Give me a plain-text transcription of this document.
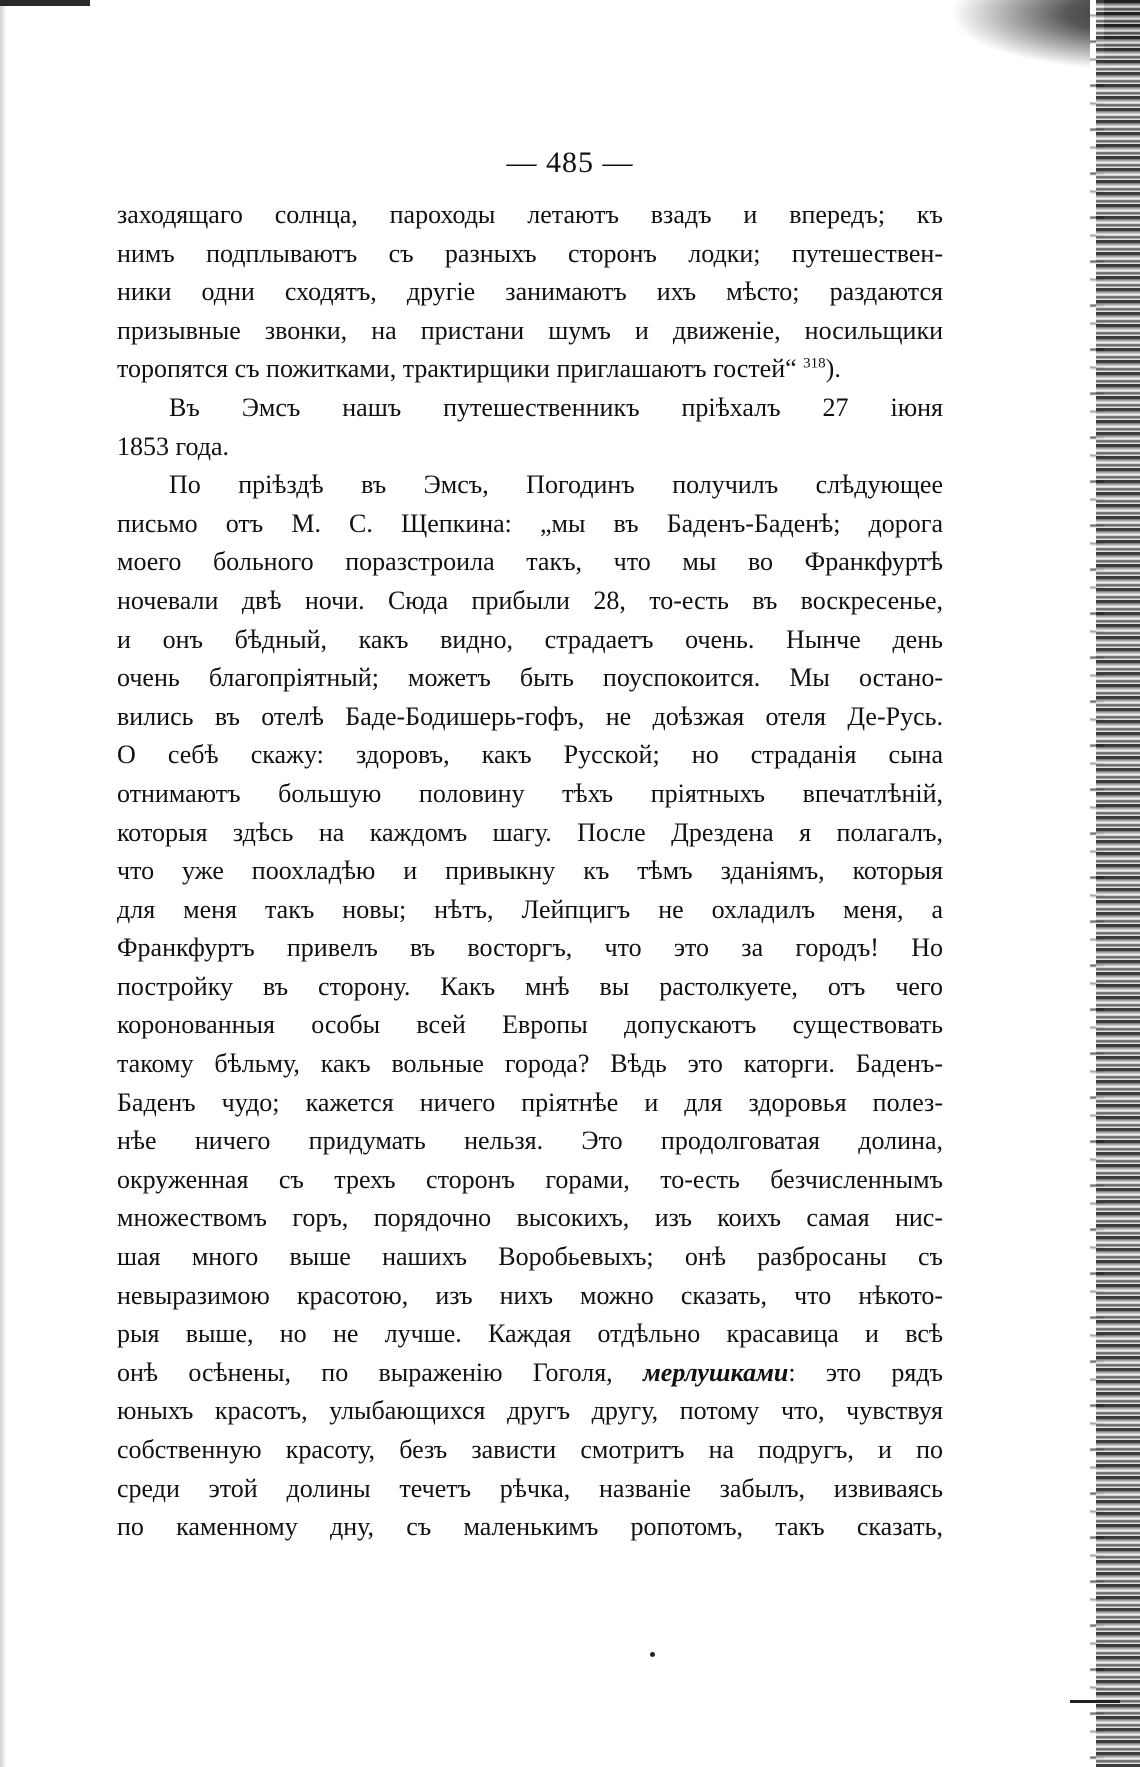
— 485 —
заходящаго солнца, пароходы летаютъ взадъ и впередъ; къ
нимъ подплываютъ съ разныхъ сторонъ лодки; путешествен-
ники одни сходятъ, другіе занимаютъ ихъ мѣсто; раздаются
призывные звонки, на пристани шумъ и движеніе, носильщики
торопятся съ пожитками, трактирщики приглашаютъ гостей“ $^{318}$).
Въ Эмсъ нашъ путешественникъ пріѣхалъ 27 іюня
1853 года.
По пріѣздѣ въ Эмсъ, Погодинъ получилъ слѣдующее
письмо отъ М. С. Щепкина: „мы въ Баденъ-Баденѣ; дорога
моего больного поразстроила такъ, что мы во Франкфуртѣ
ночевали двѣ ночи. Сюда прибыли 28, то-есть въ воскресенье,
и онъ бѣдный, какъ видно, страдаетъ очень. Нынче день
очень благопріятный; можетъ быть поуспокоится. Мы остано-
вились въ отелѣ Баде-Бодишерь-гофъ, не доѣзжая отеля Де-Русь.
О себѣ скажу: здоровъ, какъ Русской; но страданія сына
отнимаютъ большую половину тѣхъ пріятныхъ впечатлѣній,
которыя здѣсь на каждомъ шагу. После Дрездена я полагалъ,
что уже поохладѣю и привыкну къ тѣмъ зданіямъ, которыя
для меня такъ новы; нѣтъ, Лейпцигъ не охладилъ меня, а
Франкфуртъ привелъ въ восторгъ, что это за городъ! Но
постройку въ сторону. Какъ мнѣ вы растолкуете, отъ чего
коронованныя особы всей Европы допускаютъ существовать
такому бѣльму, какъ вольные города? Вѣдь это каторги. Баденъ-
Баденъ чудо; кажется ничего пріятнѣе и для здоровья полез-
нѣе ничего придумать нельзя. Это продолговатая долина,
окруженная съ трехъ сторонъ горами, то-есть безчисленнымъ
множествомъ горъ, порядочно высокихъ, изъ коихъ самая нис-
шая много выше нашихъ Воробьевыхъ; онѣ разбросаны съ
невыразимою красотою, изъ нихъ можно сказать, что нѣкото-
рыя выше, но не лучше. Каждая отдѣльно красавица и всѣ
онѣ осѣнены, по выраженію Гоголя, мерлушками: это рядъ
юныхъ красотъ, улыбающихся другъ другу, потому что, чувствуя
собственную красоту, безъ зависти смотритъ на подругъ, и по
среди этой долины течетъ рѣчка, названіе забылъ, извиваясь
по каменному дну, съ маленькимъ ропотомъ, такъ сказать,
